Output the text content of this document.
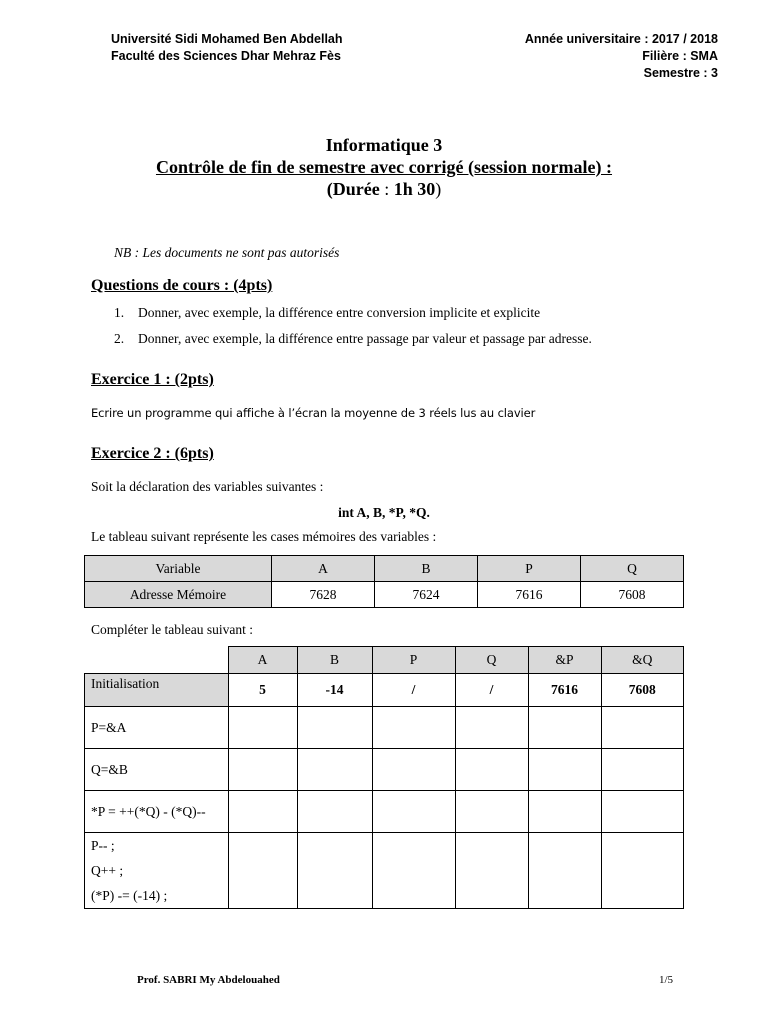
Université Sidi Mohamed Ben Abdellah
Faculté des Sciences Dhar Mehraz Fès
Année universitaire : 2017 / 2018
Filière : SMA
Semestre : 3
Informatique 3
Contrôle de fin de semestre avec corrigé (session normale) :
(Durée : 1h 30)
NB : Les documents ne sont pas autorisés
Questions de cours : (4pts)
1. Donner, avec exemple, la différence entre conversion implicite et explicite
2. Donner, avec exemple, la différence entre passage par valeur et passage par adresse.
Exercice 1 : (2pts)
Ecrire un programme qui affiche à l’écran la moyenne de 3 réels lus au clavier
Exercice 2 : (6pts)
Soit la déclaration des variables suivantes :
int A, B, *P, *Q.
Le tableau suivant représente les cases mémoires des variables :
Variable	A	B	P	Q
Adresse Mémoire	7628	7624	7616	7608
Compléter le tableau suivant :
	A	B	P	Q	&P	&Q
Initialisation	5	-14	/	/	7616	7608
P=&A						
Q=&B						
*P = ++(*Q) - (*Q)--						

P-- ;
Q++ ;
(*P) -= (-14) ;						

Prof. SABRI My Abdelouahed	1/5
